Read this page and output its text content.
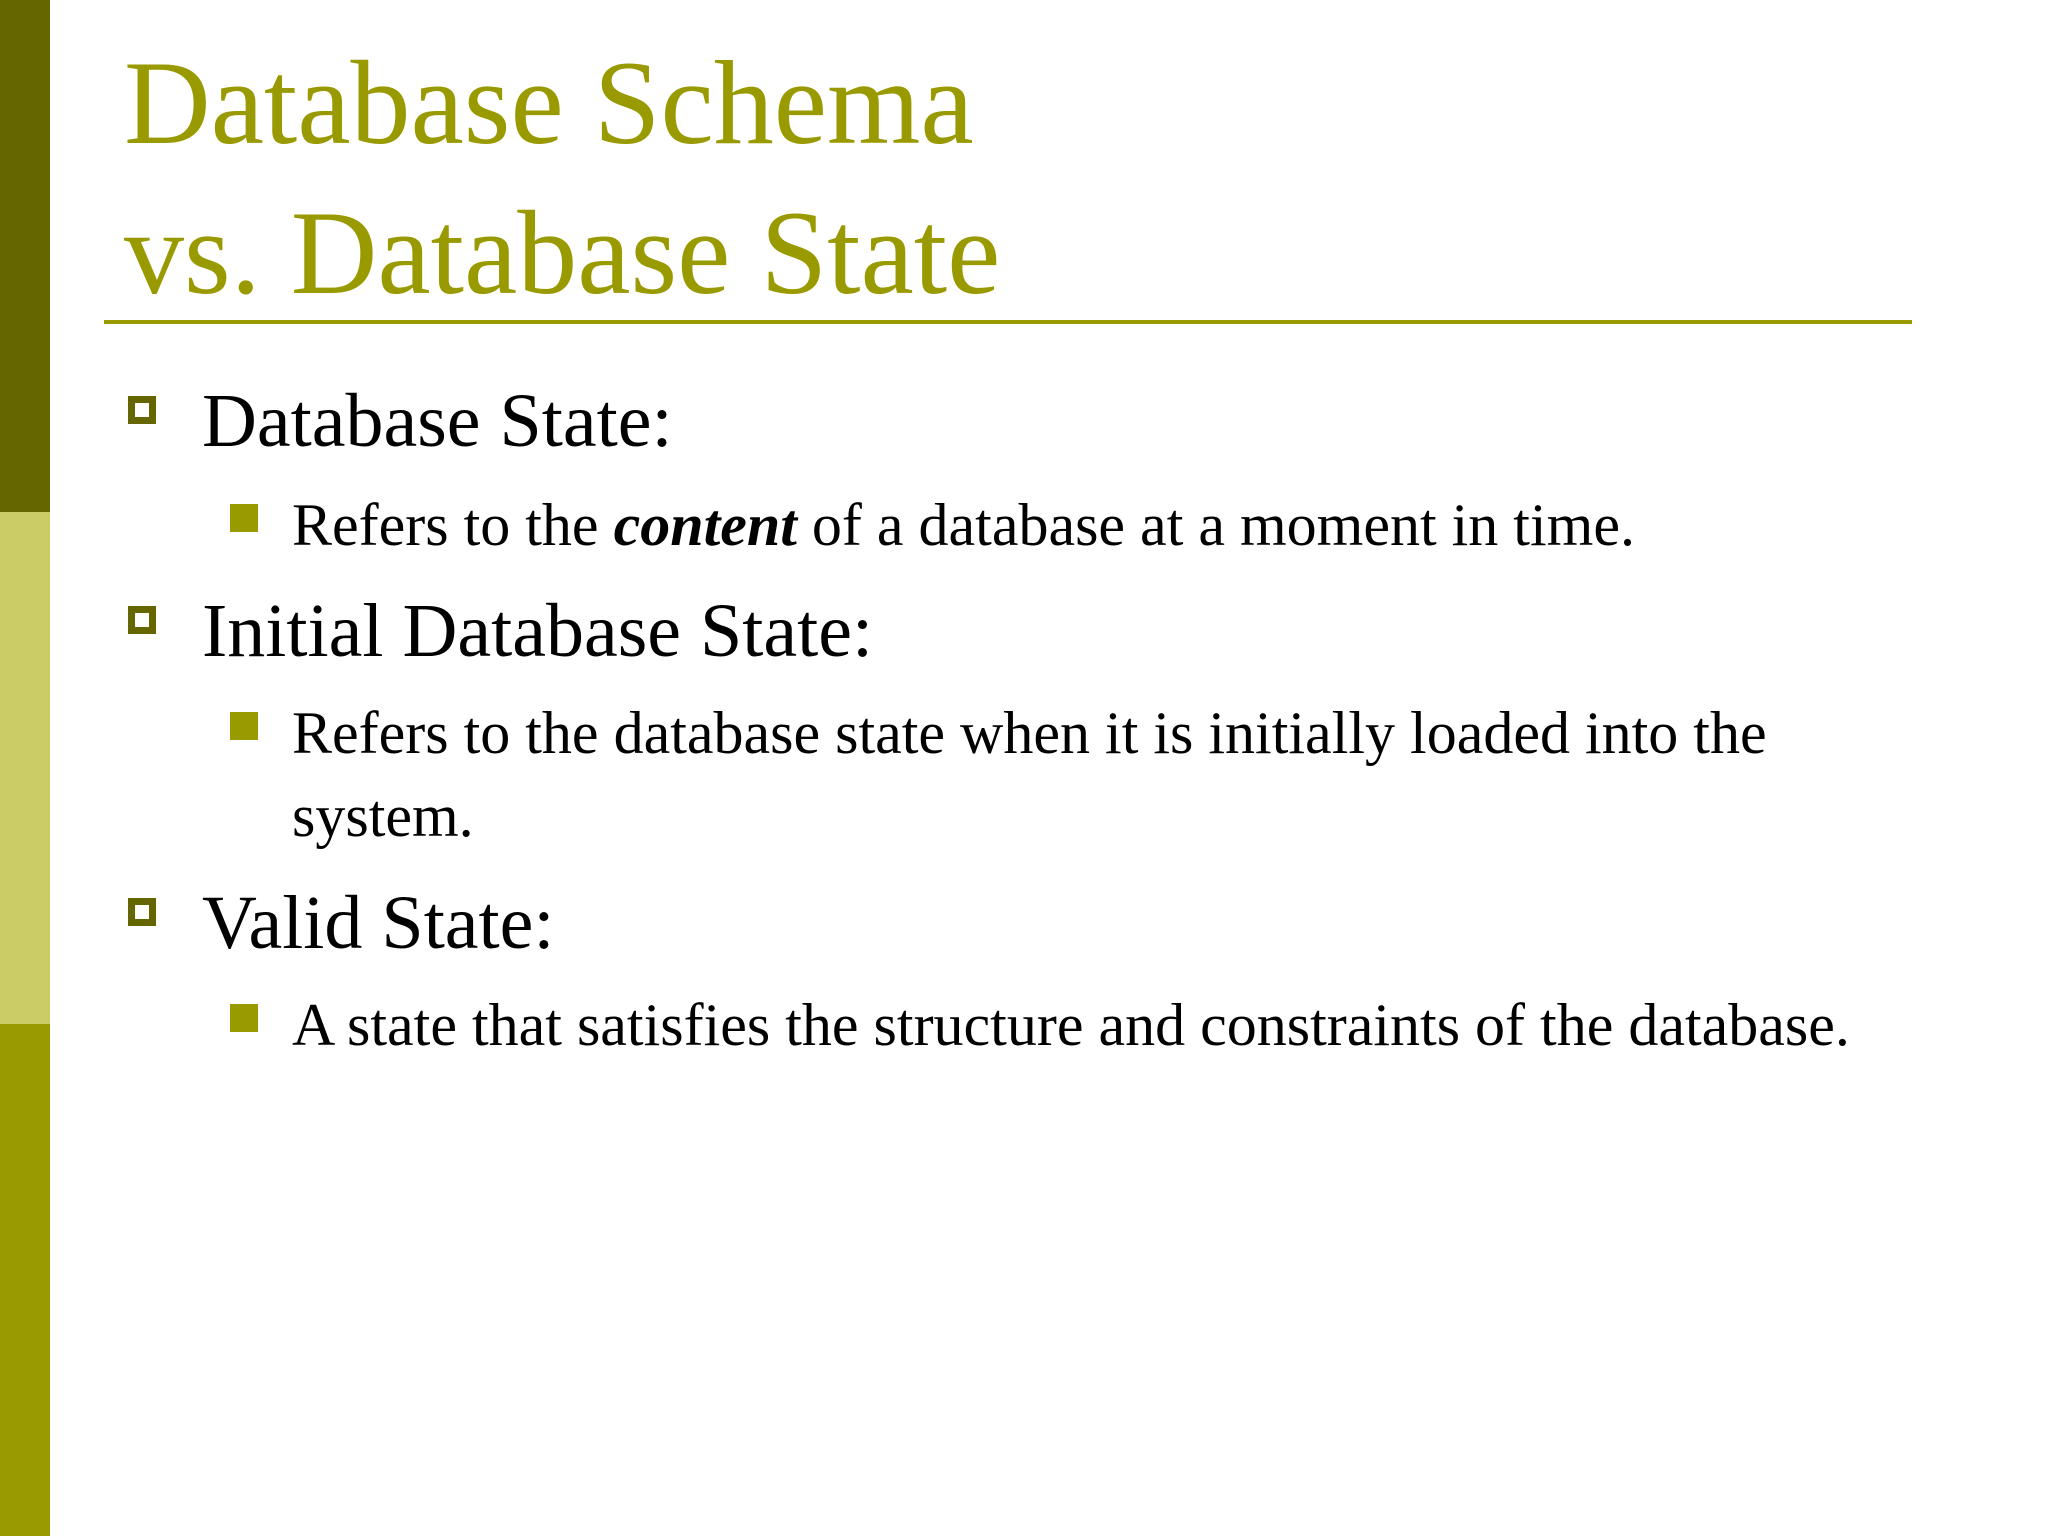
Database Schema
vs. Database State
Database State:
Refers to the content of a database at a moment in time.
Initial Database State:
Refers to the database state when it is initially loaded into the system.
Valid State:
A state that satisfies the structure and constraints of the database.
